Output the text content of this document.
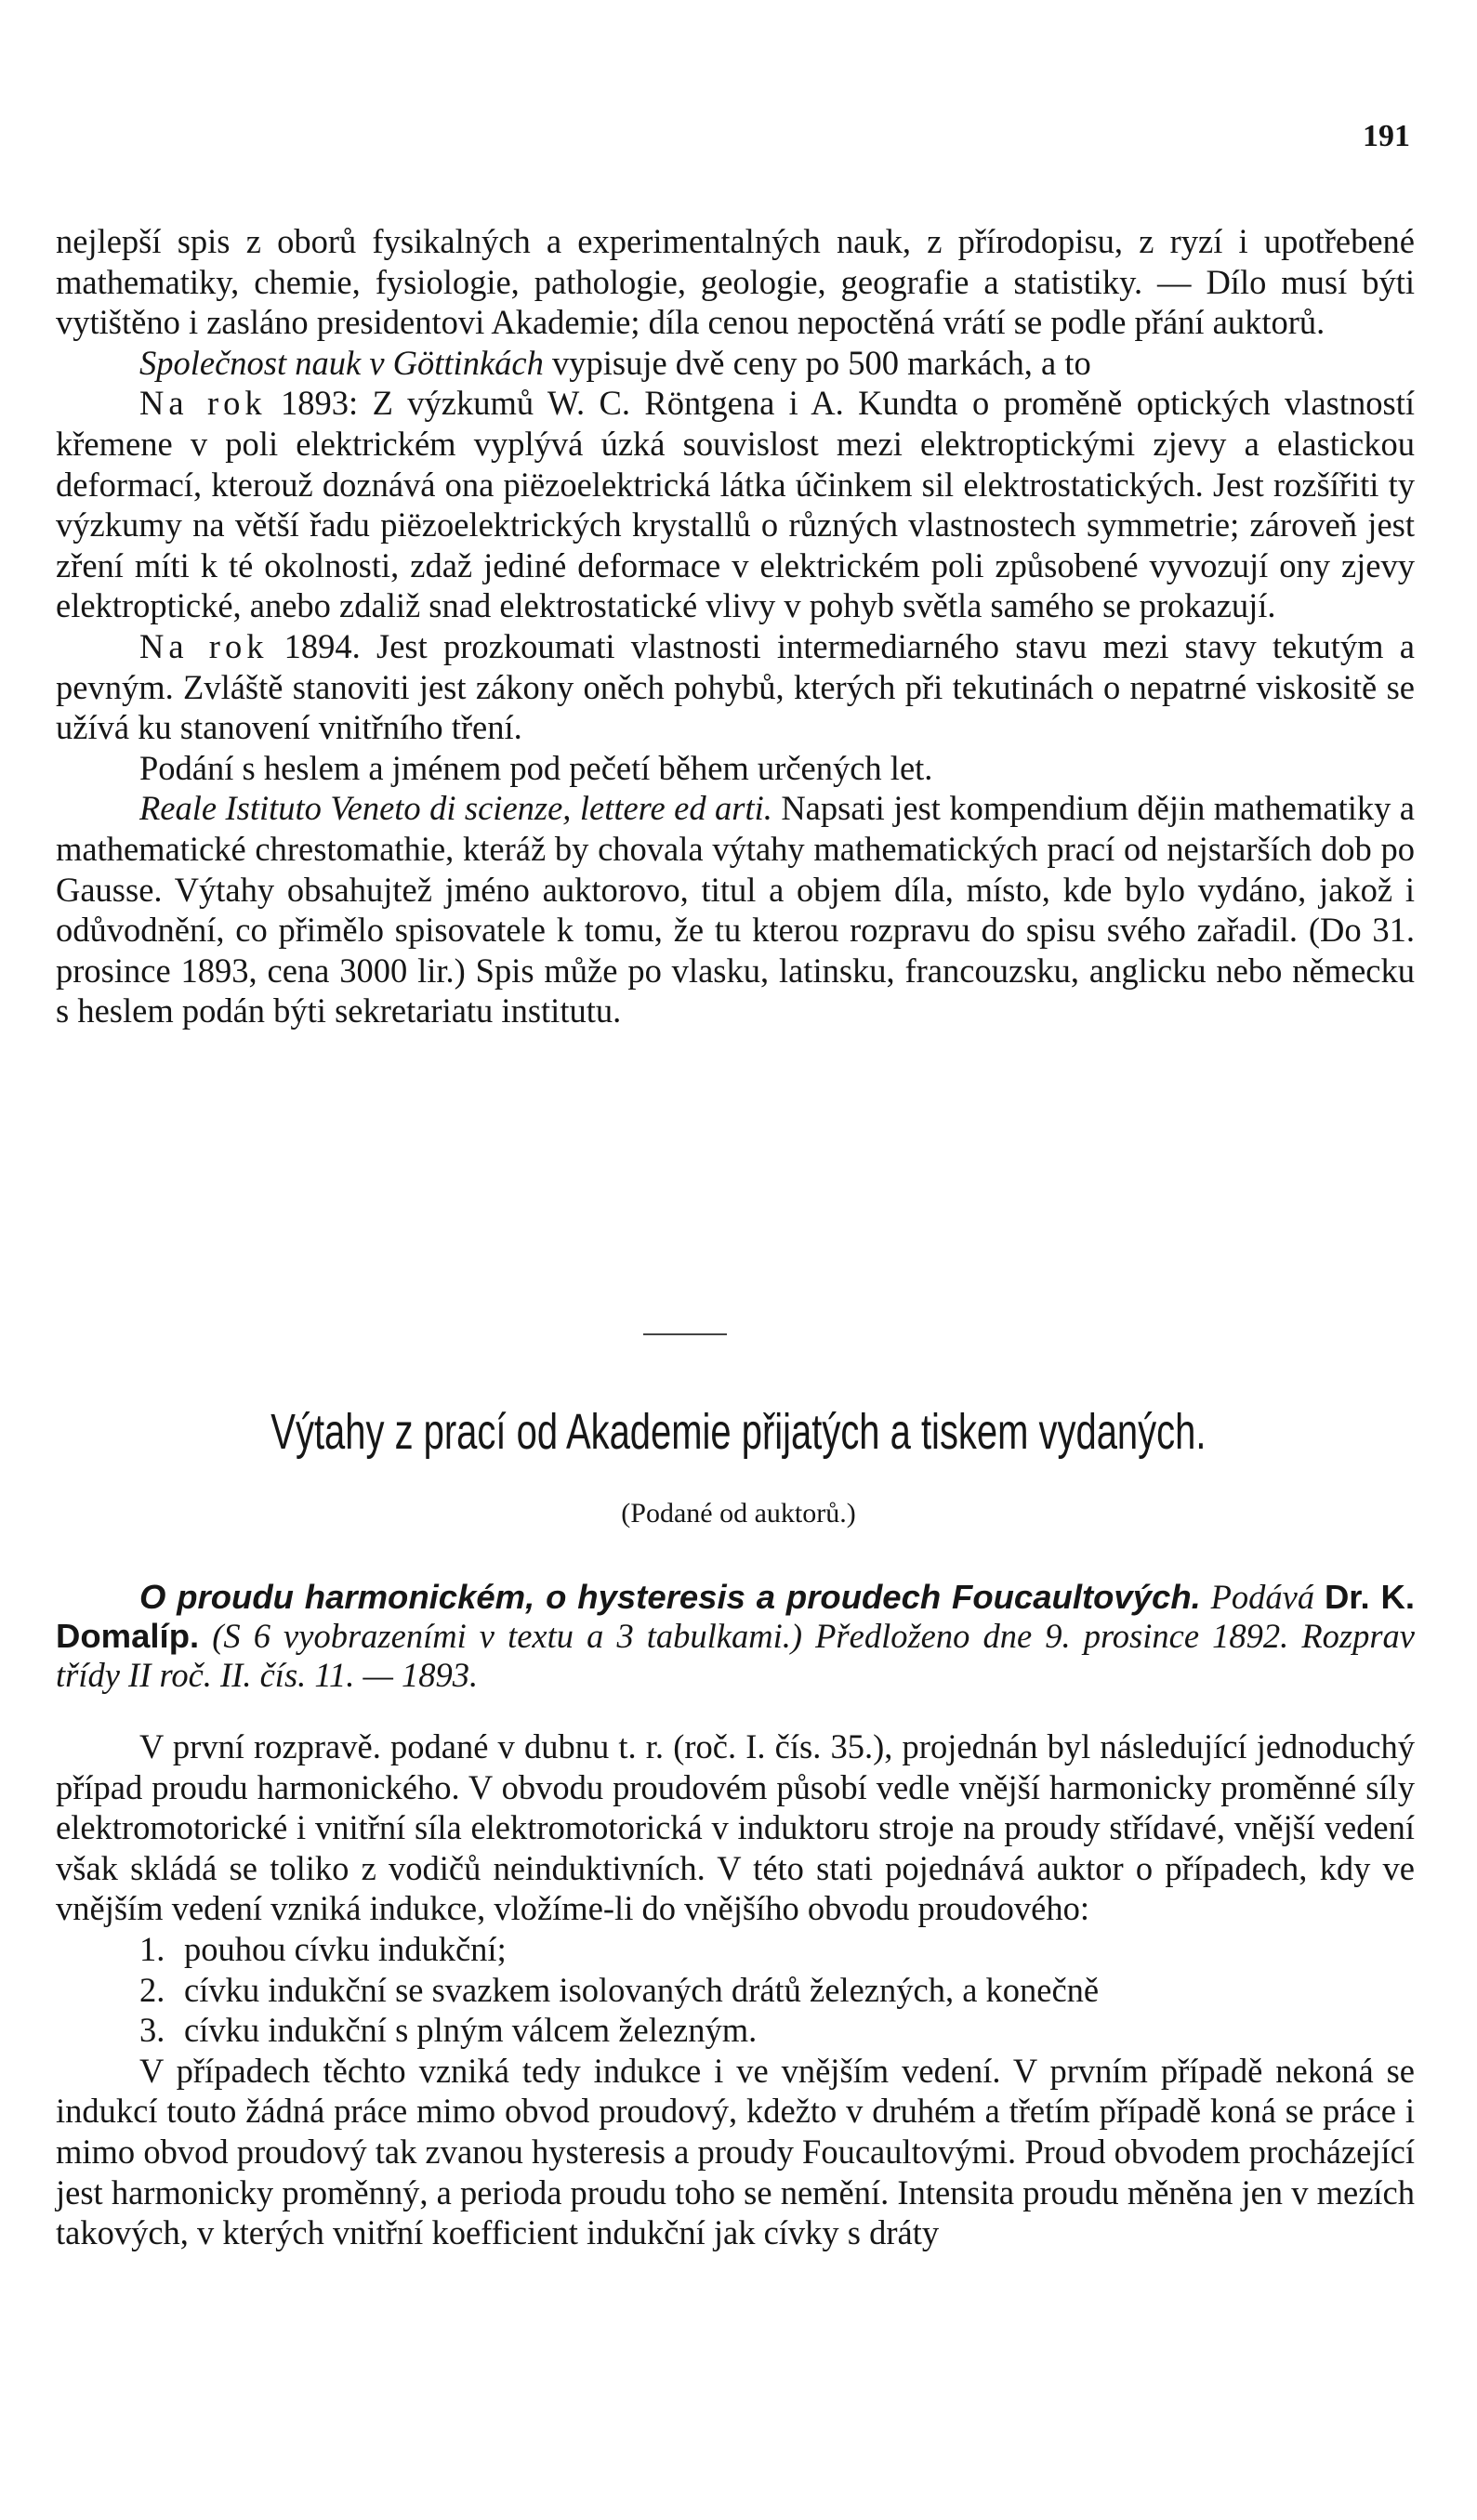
191

nejlepší spis z oborů fysikalných a experimentalných nauk, z přírodopisu, z ryzí i upotřebené mathematiky, chemie, fysiologie, pathologie, geologie, geografie a statistiky. — Dílo musí býti vytištěno i zasláno presidentovi Akademie; díla cenou nepoctěná vrátí se podle přání auktorů.

Společnost nauk v Göttinkách vypisuje dvě ceny po 500 markách, a to

Na rok 1893: Z výzkumů W. C. Röntgena i A. Kundta o proměně optických vlastností křemene v poli elektrickém vyplývá úzká souvislost mezi elektroptickými zjevy a elastickou deformací, kterouž doznává ona piëzoelektrická látka účinkem sil elektrostatických. Jest rozšířiti ty výzkumy na větší řadu piëzoelektrických krystallů o různých vlastnostech symmetrie; zároveň jest zření míti k té okolnosti, zdaž jediné deformace v elektrickém poli způsobené vyvozují ony zjevy elektroptické, anebo zdaliž snad elektrostatické vlivy v pohyb světla samého se prokazují.

Na rok 1894. Jest prozkoumati vlastnosti intermediarného stavu mezi stavy tekutým a pevným. Zvláště stanoviti jest zákony oněch pohybů, kterých při tekutinách o nepatrné viskositě se užívá ku stanovení vnitřního tření.

Podání s heslem a jménem pod pečetí během určených let.

Reale Istituto Veneto di scienze, lettere ed arti. Napsati jest kompendium dějin mathematiky a mathematické chrestomathie, kteráž by chovala výtahy mathematických prací od nejstarších dob po Gausse. Výtahy obsahujtež jméno auktorovo, titul a objem díla, místo, kde bylo vydáno, jakož i odůvodnění, co přimělo spisovatele k tomu, že tu kterou rozpravu do spisu svého zařadil. (Do 31. prosince 1893, cena 3000 lir.) Spis může po vlasku, latinsku, francouzsku, anglicku nebo německu s heslem podán býti sekretariatu institutu.

Výtahy z prací od Akademie přijatých a tiskem vydaných.
(Podané od auktorů.)

O proudu harmonickém, o hysteresis a proudech Foucaultových. Podává Dr. K. Domalíp. (S 6 vyobrazeními v textu a 3 tabulkami.) Předloženo dne 9. prosince 1892. Rozprav třídy II roč. II. čís. 11. — 1893.

V první rozpravě. podané v dubnu t. r. (roč. I. čís. 35.), projednán byl následující jednoduchý případ proudu harmonického. V obvodu proudovém působí vedle vnější harmonicky proměnné síly elektromotorické i vnitřní síla elektromotorická v induktoru stroje na proudy střídavé, vnější vedení však skládá se toliko z vodičů neinduktivních. V této stati pojednává auktor o případech, kdy ve vnějším vedení vzniká indukce, vložíme-li do vnějšího obvodu proudového:

1. pouhou cívku indukční;
2. cívku indukční se svazkem isolovaných drátů železných, a konečně
3. cívku indukční s plným válcem železným.

V případech těchto vzniká tedy indukce i ve vnějším vedení. V prvním případě nekoná se indukcí touto žádná práce mimo obvod proudový, kdežto v druhém a třetím případě koná se práce i mimo obvod proudový tak zvanou hysteresis a proudy Foucaultovými. Proud obvodem procházející jest harmonicky proměnný, a perioda proudu toho se nemění. Intensita proudu měněna jen v mezích takových, v kterých vnitřní koefficient indukční jak cívky s dráty
